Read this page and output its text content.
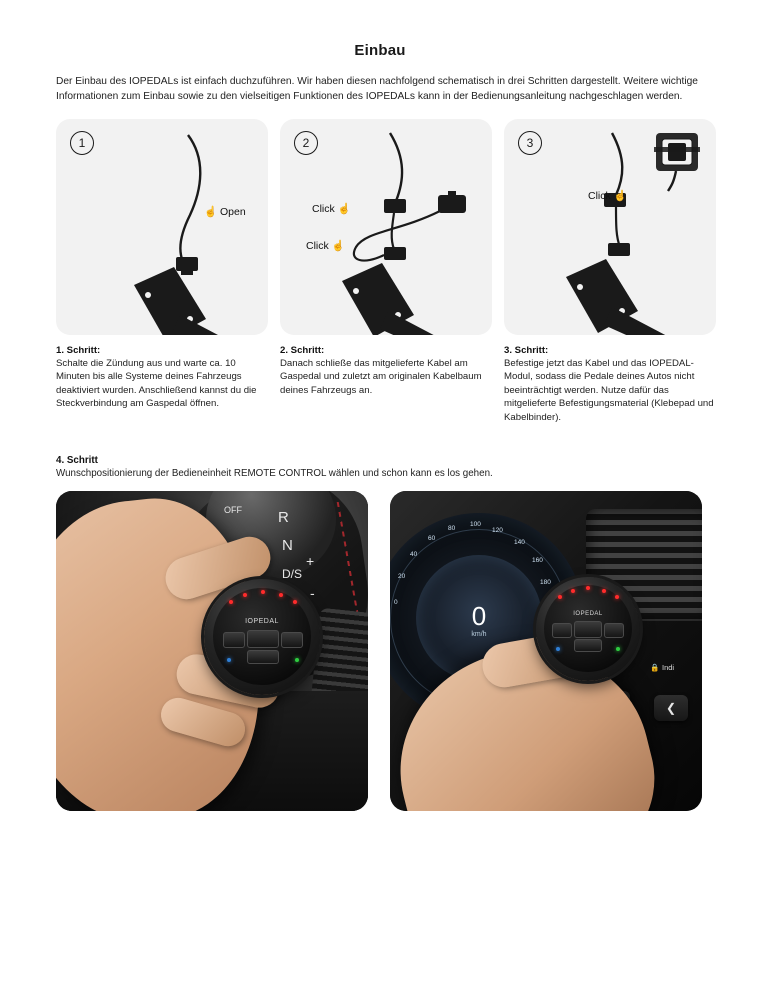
Einbau
Der Einbau des IOPEDALs ist einfach duchzuführen. Wir haben diesen nachfolgend schematisch in drei Schritten dargestellt. Weitere wichtige Informationen zum Einbau sowie zu den vielseitigen Funktionen des IOPEDALs kann in der Bedienungsanleitung nachgeschlagen werden.
1
☝ Open
1. Schritt:
Schalte die Zündung aus und warte ca. 10 Minuten bis alle Systeme deines Fahrzeugs deaktiviert wurden. Anschließend kannst du die Steckverbindung am Gaspedal öffnen.
2
Click ☝
Click ☝
2. Schritt:
Danach schließe das mitgelieferte Kabel am Gaspedal und zuletzt am originalen Kabelbaum deines Fahrzeugs an.
3
Click ☝
3. Schritt:
Befestige jetzt das Kabel und das IOPEDAL-Modul, sodass die Pedale deines Autos nicht beeinträchtigt werden. Nutze dafür das mitgelieferte Befestigungsmaterial (Klebepad und Kabelbinder).
4. Schritt
Wunschpositionierung der Bedieneinheit REMOTE CONTROL wählen und schon kann es los gehen.
OFF R
N
+
D/S
-
IOPEDAL
100
80
60
40
20
0
120
140
160
180
0
km/h
❮
🔒 Indi
IOPEDAL
